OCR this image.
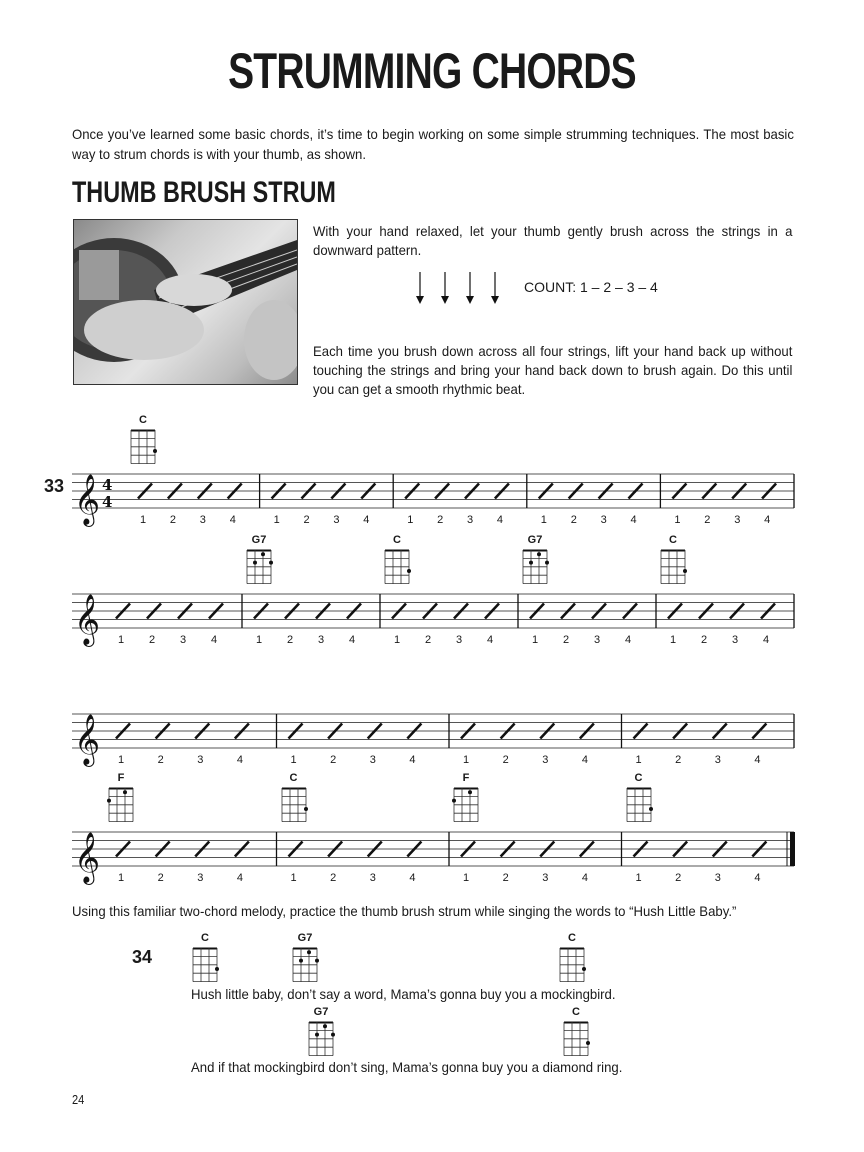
STRUMMING CHORDS
Once you’ve learned some basic chords, it’s time to begin working on some simple strumming techniques. The most basic way to strum chords is with your thumb, as shown.
THUMB BRUSH STRUM
With your hand relaxed, let your thumb gently brush across the strings in a downward pattern.
COUNT: 1 – 2 – 3 – 4
Each time you brush down across all four strings, lift your hand back up without touching the strings and bring your hand back down to brush again. Do this until you can get a smooth rhythmic beat.
33 𝄞 4
4
1 2 3 4	1 2 3 4	1 2 3 4	1 2 3 4	1 2 3 4
C
𝄞 1 2 3 4	1 2 3 4	1 2 3 4	1 2 3 4	1 2 3 4
G7	C	G7	C
𝄞 1	2	3	4	1	2	3	4	1	2	3	4	1	2	3	4
𝄞 1	2	3	4	1	2	3	4	1	2	3	4	1	2	3	4
F	C	F	C
Using this familiar two-chord melody, practice the thumb brush strum while singing the words to “Hush Little Baby.”
34
Hush little baby, don’t say a word, Mama’s gonna buy you a mockingbird.
And if that mockingbird don’t sing, Mama’s gonna buy you a diamond ring.
C	G7	C
G7	C
24
